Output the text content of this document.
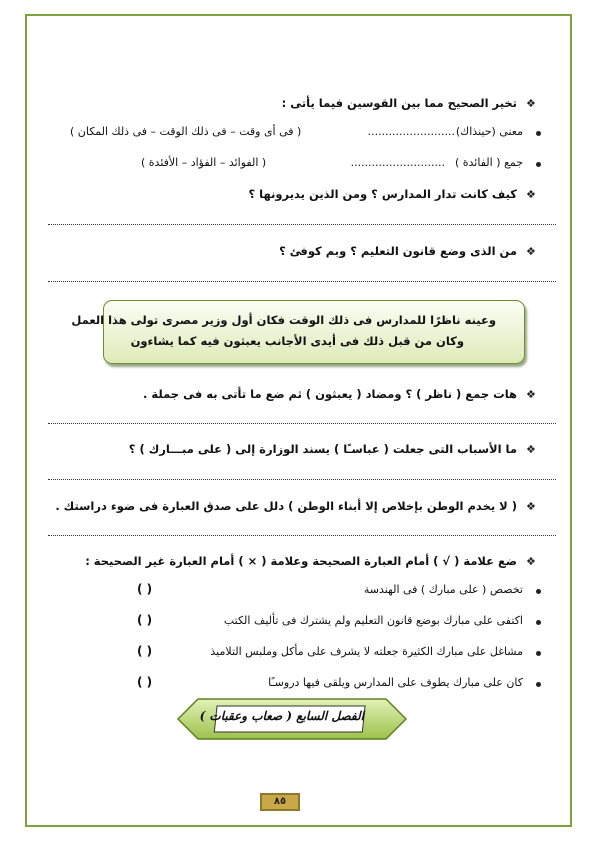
❖
تخير الصحيح مما بين القوسين فيما يأتى :
معنى (حينذاك)
.........................
( فى أى وقت – فى ذلك الوقت – فى ذلك المكان )
جمع ( الفائدة )
...........................
( الفوائد – الفؤاد – الأفئدة )
❖
كيف كانت تدار المدارس ؟ ومن الذين يديرونها ؟
❖
من الذى وضع قانون التعليم ؟ وبم كوفئ ؟
وعينه ناظرًا للمدارس فى ذلك الوقت فكان أول وزير مصرى تولى هذا العمل
وكان من قبل ذلك فى أيدى الأجانب يعبثون فيه كما يشاءون
❖
هات جمع ( ناظر ) ؟ ومضاد ( يعبثون ) ثم ضع ما تأتى به فى جملة .
❖
ما الأسباب التى جعلت ( عباسـًا ) يسند الوزارة إلى ( على مبـــارك ) ؟
❖
( لا يخدم الوطن بإخلاص إلا أبناء الوطن ) دلل على صدق العبارة فى ضوء دراستك .
❖
ضع علامة ( √ ) أمام العبارة الصحيحة وعلامة ( × ) أمام العبارة غير الصحيحة :
تخصص ( على مبارك ) فى الهندسة
( )
اكتفى على مبارك بوضع قانون التعليم ولم يشترك فى تأليف الكتب
( )
مشاغل على مبارك الكثيرة جعلته لا يشرف على مأكل وملبس التلاميذ
( )
كان على مبارك يطوف على المدارس ويلقى فيها دروسـًا
( )
الفصل السابع ( صعاب وعقبات )
٨٥
